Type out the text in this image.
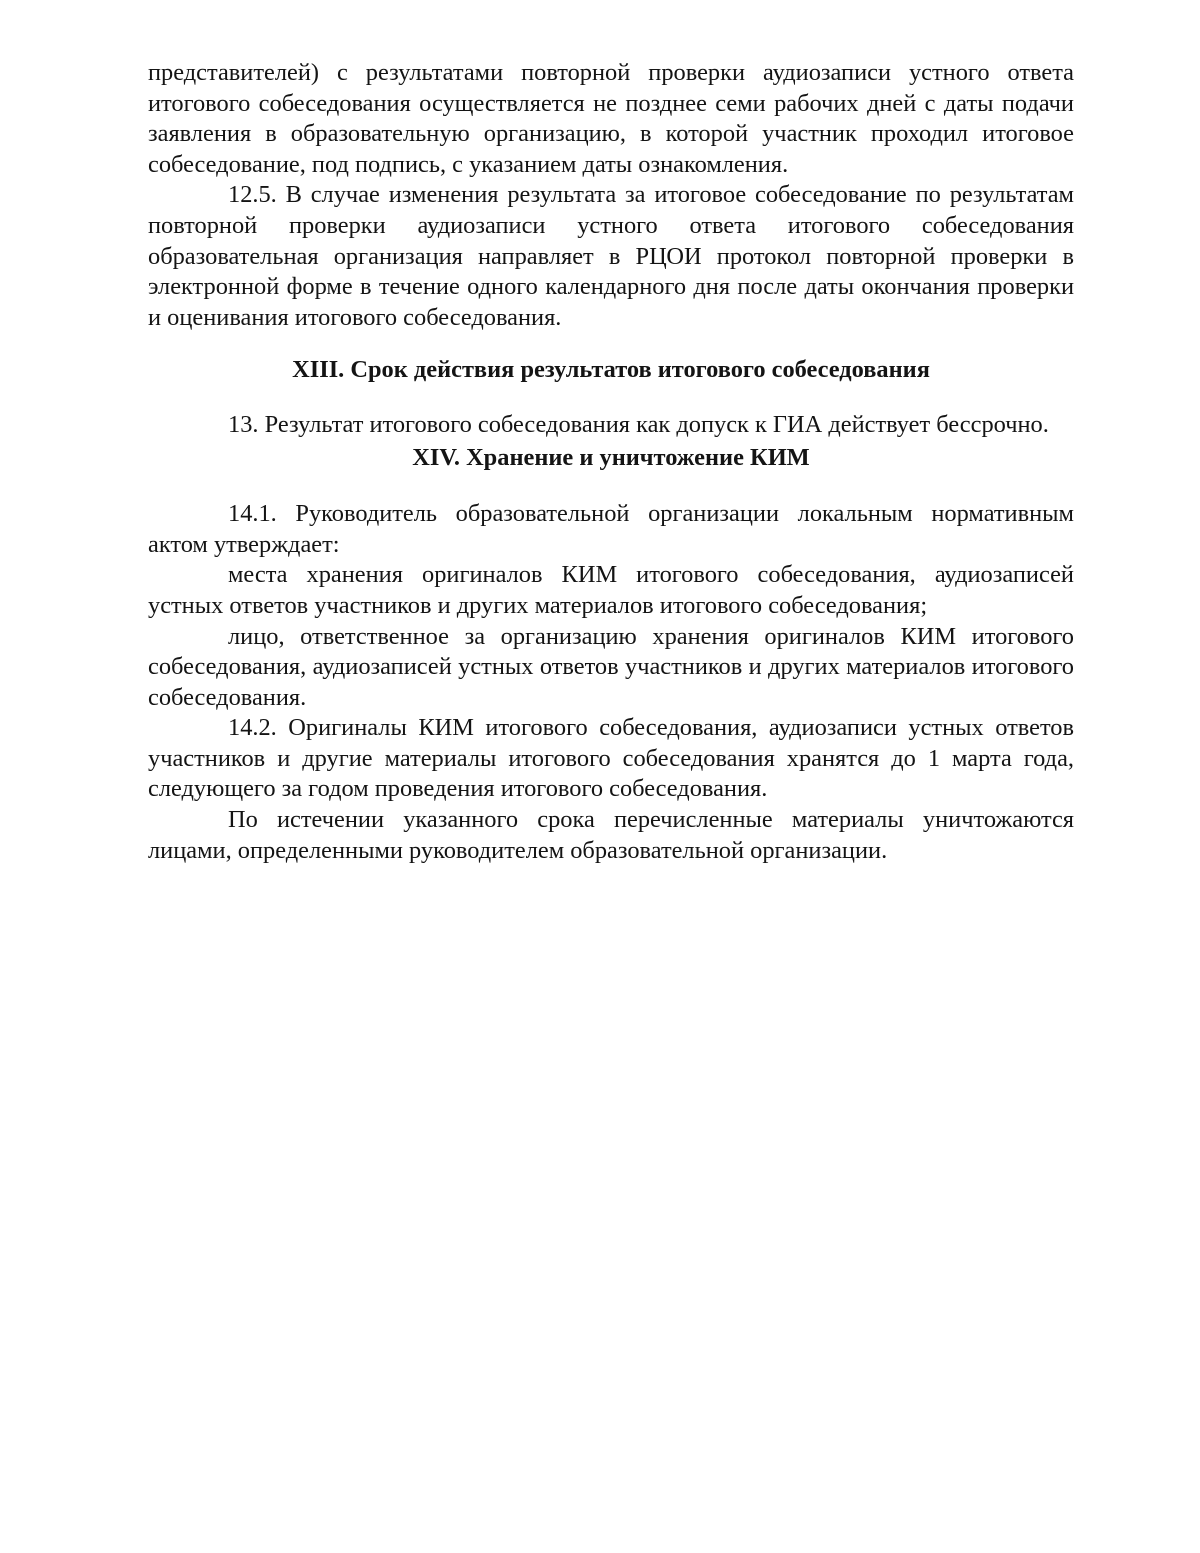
представителей) с результатами повторной проверки аудиозаписи устного ответа итогового собеседования осуществляется не позднее семи рабочих дней с даты подачи заявления в образовательную организацию, в которой участник проходил итоговое собеседование, под подпись, с указанием даты ознакомления.

12.5. В случае изменения результата за итоговое собеседование по результатам повторной проверки аудиозаписи устного ответа итогового собеседования образовательная организация направляет в РЦОИ протокол повторной проверки в электронной форме в течение одного календарного дня после даты окончания проверки и оценивания итогового собеседования.

XIII. Срок действия результатов итогового собеседования

13. Результат итогового собеседования как допуск к ГИА действует бессрочно.

XIV. Хранение и уничтожение КИМ

14.1. Руководитель образовательной организации локальным нормативным актом утверждает:

места хранения оригиналов КИМ итогового собеседования, аудиозаписей устных ответов участников и других материалов итогового собеседования;

лицо, ответственное за организацию хранения оригиналов КИМ итогового собеседования, аудиозаписей устных ответов участников и других материалов итогового собеседования.

14.2. Оригиналы КИМ итогового собеседования, аудиозаписи устных ответов участников и другие материалы итогового собеседования хранятся до 1 марта года, следующего за годом проведения итогового собеседования.

По истечении указанного срока перечисленные материалы уничтожаются лицами, определенными руководителем образовательной организации.
